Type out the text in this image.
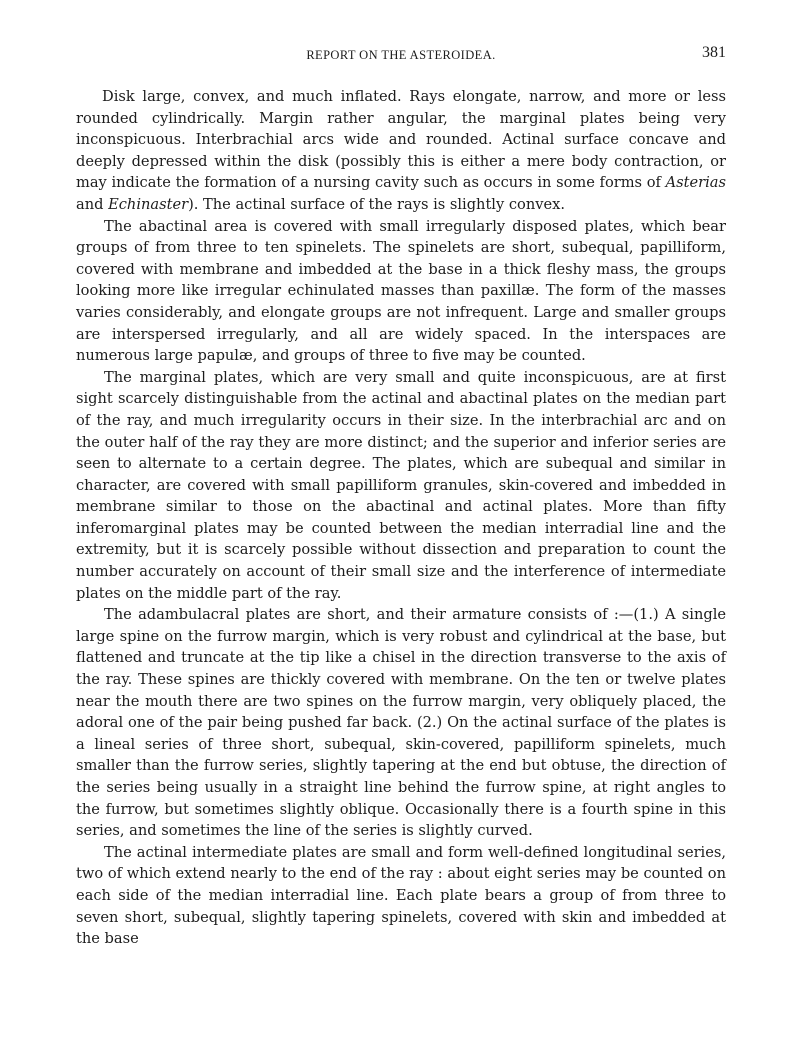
REPORT ON THE ASTEROIDEA.	381

Disk large, convex, and much inflated. Rays elongate, narrow, and more or less rounded cylindrically. Margin rather angular, the marginal plates being very inconspicuous. Interbrachial arcs wide and rounded. Actinal surface concave and deeply depressed within the disk (possibly this is either a mere body contraction, or may indicate the formation of a nursing cavity such as occurs in some forms of Asterias and Echinaster). The actinal surface of the rays is slightly convex.

The abactinal area is covered with small irregularly disposed plates, which bear groups of from three to ten spinelets. The spinelets are short, subequal, papilliform, covered with membrane and imbedded at the base in a thick fleshy mass, the groups looking more like irregular echinulated masses than paxillæ. The form of the masses varies considerably, and elongate groups are not infrequent. Large and smaller groups are interspersed irregularly, and all are widely spaced. In the interspaces are numerous large papulæ, and groups of three to five may be counted.

The marginal plates, which are very small and quite inconspicuous, are at first sight scarcely distinguishable from the actinal and abactinal plates on the median part of the ray, and much irregularity occurs in their size. In the interbrachial arc and on the outer half of the ray they are more distinct; and the superior and inferior series are seen to alternate to a certain degree. The plates, which are subequal and similar in character, are covered with small papilliform granules, skin-covered and imbedded in membrane similar to those on the abactinal and actinal plates. More than fifty inferomarginal plates may be counted between the median interradial line and the extremity, but it is scarcely possible without dissection and preparation to count the number accurately on account of their small size and the interference of intermediate plates on the middle part of the ray.

The adambulacral plates are short, and their armature consists of :—(1.) A single large spine on the furrow margin, which is very robust and cylindrical at the base, but flattened and truncate at the tip like a chisel in the direction transverse to the axis of the ray. These spines are thickly covered with membrane. On the ten or twelve plates near the mouth there are two spines on the furrow margin, very obliquely placed, the adoral one of the pair being pushed far back. (2.) On the actinal surface of the plates is a lineal series of three short, subequal, skin-covered, papilliform spinelets, much smaller than the furrow series, slightly tapering at the end but obtuse, the direction of the series being usually in a straight line behind the furrow spine, at right angles to the furrow, but sometimes slightly oblique. Occasionally there is a fourth spine in this series, and sometimes the line of the series is slightly curved.

The actinal intermediate plates are small and form well-defined longitudinal series, two of which extend nearly to the end of the ray : about eight series may be counted on each side of the median interradial line. Each plate bears a group of from three to seven short, subequal, slightly tapering spinelets, covered with skin and imbedded at the base
